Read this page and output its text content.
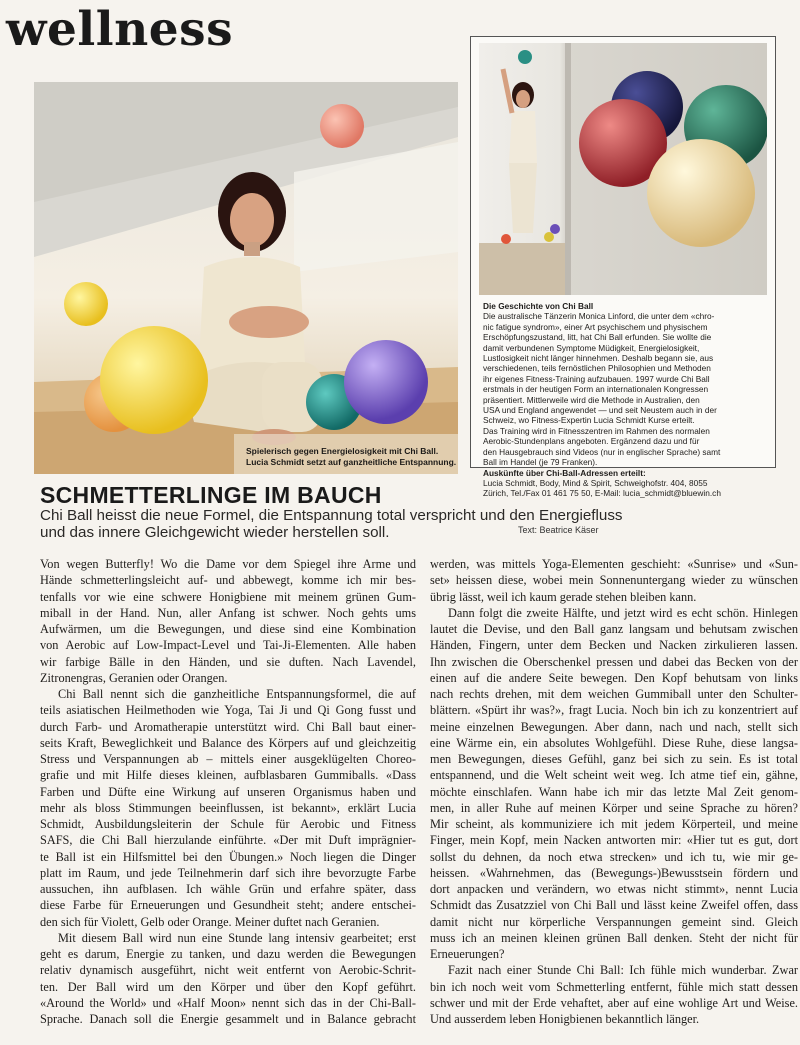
wellness
Spielerisch gegen Energielosigkeit mit Chi Ball.
Lucia Schmidt setzt auf ganzheitliche Entspannung.
Die Geschichte von Chi Ball
Die australische Tänzerin Monica Linford, die unter dem «chro-
nic fatigue syndrom», einer Art psychischem und physischem
Erschöpfungszustand, litt, hat Chi Ball erfunden. Sie wollte die
damit verbundenen Symptome Müdigkeit, Energielosigkeit,
Lustlosigkeit nicht länger hinnehmen. Deshalb begann sie, aus
verschiedenen, teils fernöstlichen Philosophien und Methoden
ihr eigenes Fitness-Training aufzubauen. 1997 wurde Chi Ball
erstmals in der heutigen Form an internationalen Kongressen
präsentiert. Mittlerweile wird die Methode in Australien, den
USA und England angewendet — und seit Neustem auch in der
Schweiz, wo Fitness-Expertin Lucia Schmidt Kurse erteilt.
Das Training wird in Fitnesszentren im Rahmen des normalen
Aerobic-Stundenplans angeboten. Ergänzend dazu und für
den Hausgebrauch sind Videos (nur in englischer Sprache) samt
Ball im Handel (je 79 Franken).
Auskünfte über Chi-Ball-Adressen erteilt:
Lucia Schmidt, Body, Mind & Spirit, Schweighofstr. 404, 8055
Zürich, Tel./Fax 01 461 75 50, E-Mail: lucia_schmidt@bluewin.ch
SCHMETTERLINGE IM BAUCH
Chi Ball heisst die neue Formel, die Entspannung total verspricht und den Energiefluss und das innere Gleichgewicht wieder herstellen soll.	Text: Beatrice Käser
Von wegen Butterfly! Wo die Dame vor dem Spiegel ihre Arme und
Hände schmetterlingsleicht auf- und abbewegt, komme ich mir bes-
tenfalls vor wie eine schwere Honigbiene mit meinem grünen Gum-
miball in der Hand. Nun, aller Anfang ist schwer. Noch gehts ums
Aufwärmen, um die Bewegungen, und diese sind eine Kombination
von Aerobic auf Low-Impact-Level und Tai-Ji-Elementen. Alle haben
wir farbige Bälle in den Händen, und sie duften. Nach Lavendel,
Zitronengras, Geranien oder Orangen.
Chi Ball nennt sich die ganzheitliche Entspannungsformel, die auf
teils asiatischen Heilmethoden wie Yoga, Tai Ji und Qi Gong fusst und
durch Farb- und Aromatherapie unterstützt wird. Chi Ball baut einer-
seits Kraft, Beweglichkeit und Balance des Körpers auf und gleichzeitig
Stress und Verspannungen ab – mittels einer ausgeklügelten Choreo-
grafie und mit Hilfe dieses kleinen, aufblasbaren Gummiballs. «Dass
Farben und Düfte eine Wirkung auf unseren Organismus haben und
mehr als bloss Stimmungen beeinflussen, ist bekannt», erklärt Lucia
Schmidt, Ausbildungsleiterin der Schule für Aerobic und Fitness
SAFS, die Chi Ball hierzulande einführte. «Der mit Duft imprägnier-
te Ball ist ein Hilfsmittel bei den Übungen.» Noch liegen die Dinger
platt im Raum, und jede Teilnehmerin darf sich ihre bevorzugte Farbe
aussuchen, ihn aufblasen. Ich wähle Grün und erfahre später, dass
diese Farbe für Erneuerungen und Gesundheit steht; andere entschei-
den sich für Violett, Gelb oder Orange. Meiner duftet nach Geranien.
Mit diesem Ball wird nun eine Stunde lang intensiv gearbeitet; erst
geht es darum, Energie zu tanken, und dazu werden die Bewegungen
relativ dynamisch ausgeführt, nicht weit entfernt von Aerobic-Schrit-
ten. Der Ball wird um den Körper und über den Kopf geführt.
«Around the World» und «Half Moon» nennt sich das in der Chi-Ball-
Sprache. Danach soll die Energie gesammelt und in Balance gebracht
werden, was mittels Yoga-Elementen geschieht: «Sunrise» und «Sun-
set» heissen diese, wobei mein Sonnenuntergang wieder zu wünschen
übrig lässt, weil ich kaum gerade stehen bleiben kann.
Dann folgt die zweite Hälfte, und jetzt wird es echt schön. Hinlegen
lautet die Devise, und den Ball ganz langsam und behutsam zwischen
Händen, Fingern, unter dem Becken und Nacken zirkulieren lassen.
Ihn zwischen die Oberschenkel pressen und dabei das Becken von der
einen auf die andere Seite bewegen. Den Kopf behutsam von links
nach rechts drehen, mit dem weichen Gummiball unter den Schulter-
blättern. «Spürt ihr was?», fragt Lucia. Noch bin ich zu konzentriert auf
meine einzelnen Bewegungen. Aber dann, nach und nach, stellt sich
eine Wärme ein, ein absolutes Wohlgefühl. Diese Ruhe, diese langsa-
men Bewegungen, dieses Gefühl, ganz bei sich zu sein. Es ist total
entspannend, und die Welt scheint weit weg. Ich atme tief ein, gähne,
möchte einschlafen. Wann habe ich mir das letzte Mal Zeit genom-
men, in aller Ruhe auf meinen Körper und seine Sprache zu hören?
Mir scheint, als kommuniziere ich mit jedem Körperteil, und meine
Finger, mein Kopf, mein Nacken antworten mir: «Hier tut es gut, dort
sollst du dehnen, da noch etwa strecken» und ich tu, wie mir ge-
heissen. «Wahrnehmen, das (Bewegungs-)Bewusstsein fördern und
dort anpacken und verändern, wo etwas nicht stimmt», nennt Lucia
Schmidt das Zusatzziel von Chi Ball und lässt keine Zweifel offen, dass
damit nicht nur körperliche Verspannungen gemeint sind. Gleich
muss ich an meinen kleinen grünen Ball denken. Steht der nicht für
Erneuerungen?
Fazit nach einer Stunde Chi Ball: Ich fühle mich wunderbar. Zwar
bin ich noch weit vom Schmetterling entfernt, fühle mich statt dessen
schwer und mit der Erde vehaftet, aber auf eine wohlige Art und Weise.
Und ausserdem leben Honigbienen bekanntlich länger.
